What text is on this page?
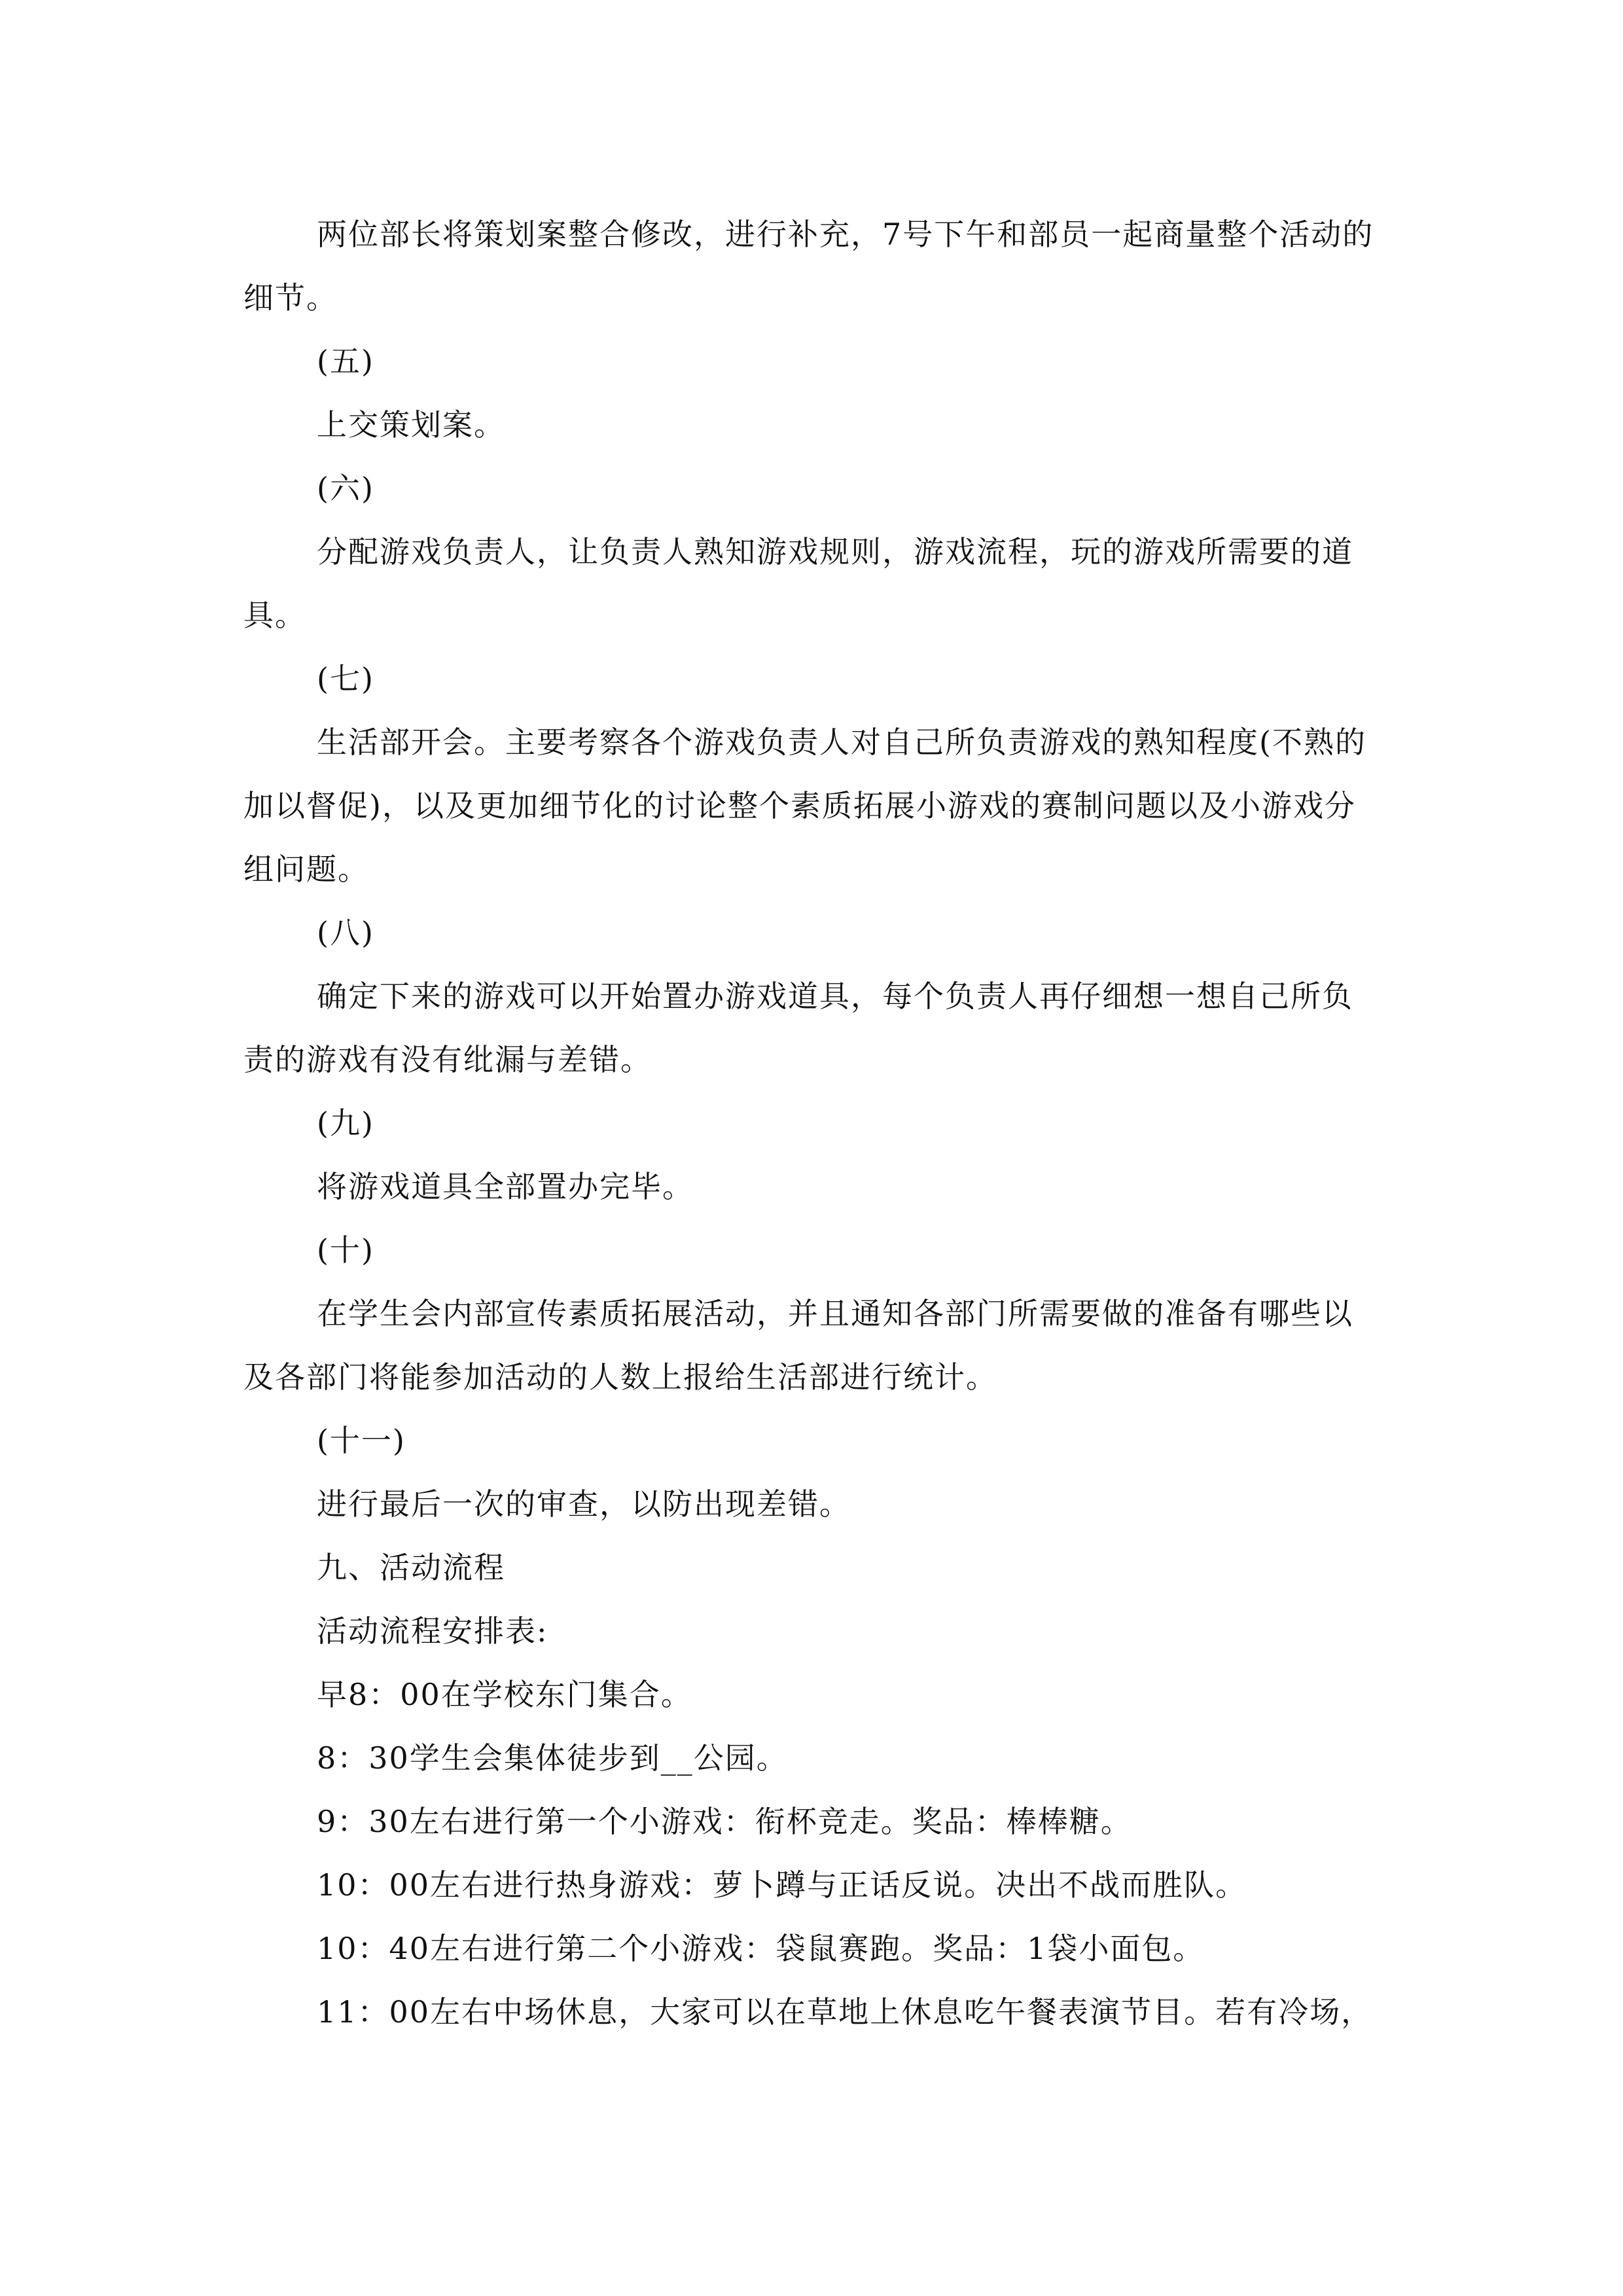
两位部长将策划案整合修改，进行补充，7号下午和部员一起商量整个活动的细节。

(五)

上交策划案。

(六)

分配游戏负责人，让负责人熟知游戏规则，游戏流程，玩的游戏所需要的道具。

(七)

生活部开会。主要考察各个游戏负责人对自己所负责游戏的熟知程度(不熟的加以督促)，以及更加细节化的讨论整个素质拓展小游戏的赛制问题以及小游戏分组问题。

(八)

确定下来的游戏可以开始置办游戏道具，每个负责人再仔细想一想自己所负责的游戏有没有纰漏与差错。

(九)

将游戏道具全部置办完毕。

(十)

在学生会内部宣传素质拓展活动，并且通知各部门所需要做的准备有哪些以及各部门将能参加活动的人数上报给生活部进行统计。

(十一)

进行最后一次的审查，以防出现差错。

九、活动流程

活动流程安排表:

早8：00在学校东门集合。

8：30学生会集体徒步到__公园。

9：30左右进行第一个小游戏：衔杯竞走。奖品：棒棒糖。

10：00左右进行热身游戏：萝卜蹲与正话反说。决出不战而胜队。

10：40左右进行第二个小游戏：袋鼠赛跑。奖品：1袋小面包。

11：00左右中场休息，大家可以在草地上休息吃午餐表演节目。若有冷场，
